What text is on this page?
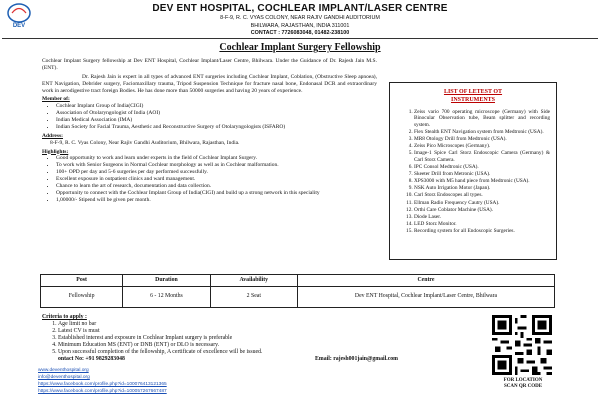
DEV
DEV ENT HOSPITAL, COCHLEAR IMPLANT/LASER CENTRE
8-F-9, R. C. VYAS COLONY, NEAR RAJIV GANDHI AUDITORIUM
BHILWARA, RAJASTHAN, INDIA 311001
CONTACT : 7726083048, 01482-238100
Cochlear Implant Surgery Fellowship

Cochlear Implant Surgery fellowship at Dev ENT Hospital, Cochlear Implant/Laser Centre, Bhilwara. Under the Guidance of Dr. Rajesh Jain M.S. (ENT).

Dr. Rajesh Jain is expert in all types of advanced ENT surgeries including Cochlear Implant, Coblation, (Obstructive Sleep apnoea), ENT Navigation, Debrider surgery, Faciomaxillary trauma, Tripod Suspension Technique for fracture nasal bone, Endonasal DCR and extraordinary work in aerodigestive tract foreign Bodies. He has done more than 50000 surgeries and having 20 years of experience.

Member of:
• Cochlear Implant Group of India(CIGI)
• Association of Otolaryngologist of India (AOI)
• Indian Medical Association (IMA)
• Indian Society for Facial Trauma, Aesthetic and Reconstructive Surgery of Otolaryngologists (ISFARO)
Address:
8-F-9, R. C. Vyas Colony, Near Rajiv Gandhi Auditorium, Bhilwara, Rajasthan, India.
Highlights:
• Good opportunity to work and learn under experts in the field of Cochlear Implant Surgery.
• To work with Senior Surgeons in Normal Cochlear morphology as well as in Cochlear malformation.
• 100+ OPD per day and 5-6 surgeries per day performed successfully.
• Excellent exposure in outpatient clinics and ward management.
• Chance to learn the art of research, documentation and data collection.
• Opportunity to connect with the Cochlear Implant Group of India(CIGI) and build up a strong network in this speciality
• 1,00000/- Stipend will be given per month.
LIST OF LETEST OT
INSTRUMENTS
1. Zeiss vario 700 operating microscope (Germany) with Side Binocular Observation tube, Beam splitter and recording system.
2. Flex Stealth ENT Navigation system from Medtronic (USA).
3. MR8 Otology Drill from Medtronic (USA).
4. Zeiss Pico Microscopes (Germany).
5. Image-1 Spice Carl Storz Endoscopic Camera (Germany) & Carl Storz Camera.
6. IPC Consol Medtronic (USA).
7. Skeeter Drill from Metronic (USA).
8. XPS3000 with M5 hand piece from Medtronic (USA).
9. NSK Auto Irrigation Motor (Japan).
10. Carl Storz Endoscopes all types.
11. Ellman Radio Frequency Cautry (USA).
12. Orthi Care Coblator Machine (USA).
13. Diode Laser.
14. LED Storz Monitor.
15. Recording system for all Endoscopic Surgeries.
Post	Duration	Availability	Centre
Fellowship	6 - 12 Months	2 Seat	Dev ENT Hospital, Cochlear Implant/Laser Centre, Bhilwara
Criteria to apply :
1. Age limit no bar
2. Latest CV is must
3. Established interest and exposure in Cochlear Implant surgery is preferable
4. Minimum Education MS (ENT) or DNB (ENT) or DLO is necessary.
5. Upon successful completion of the fellowship, A certificate of excellence will be issued.
ontact No: +91 9829283048	Email: rajesh001jain@gmail.com
www.deventhospital.org
info@deventhospital.org
https://www.facebook.com/profile.php?id=100076413121365
https://www.facebook.com/profile.php?id=100057267667487
FOR LOCATION
SCAN QR CODE
